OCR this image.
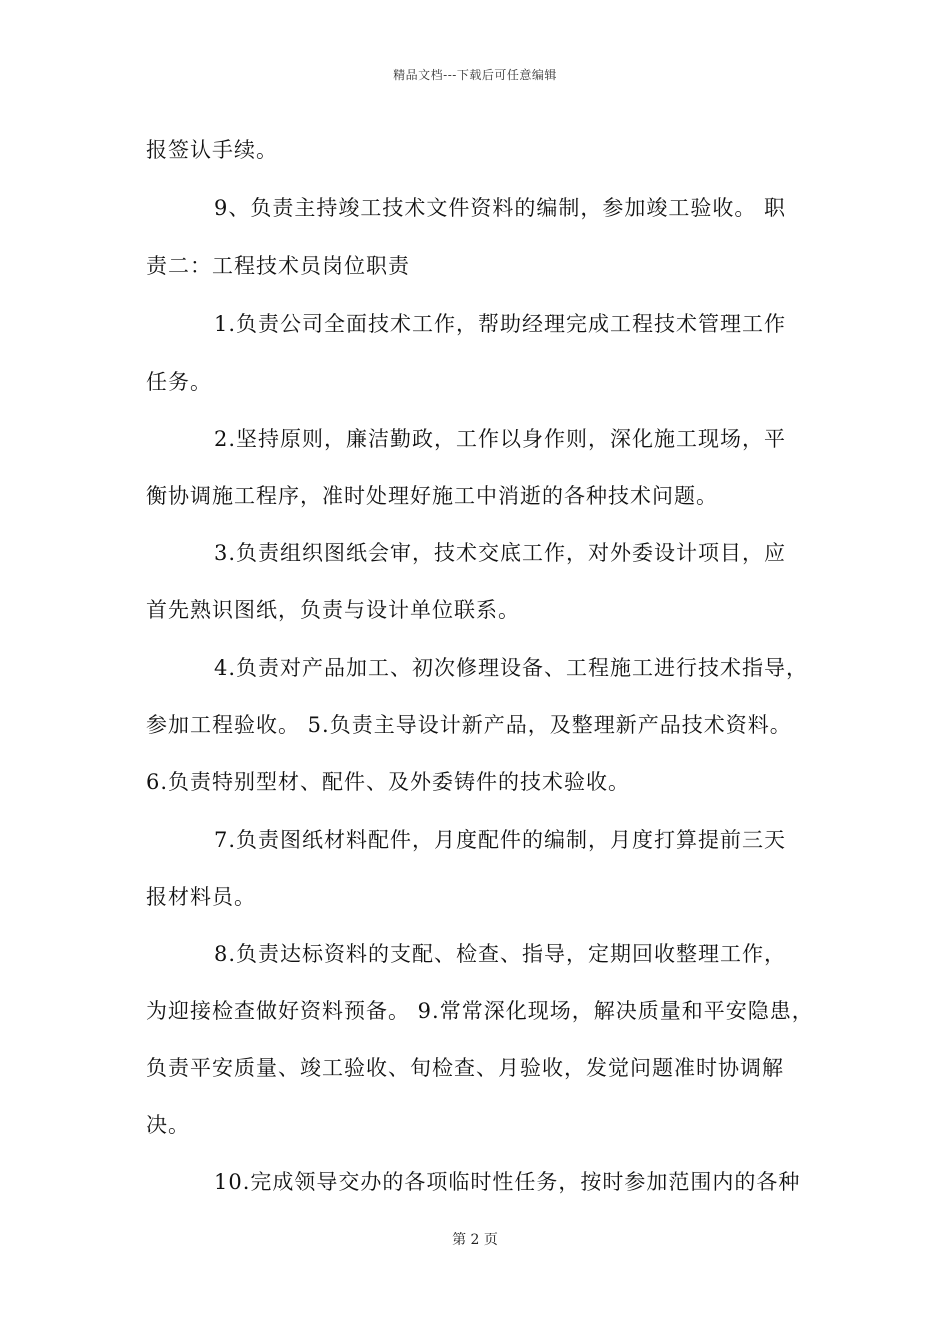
精品文档---下载后可任意编辑
报签认手续。
9、负责主持竣工技术文件资料的编制，参加竣工验收。 职
责二：工程技术员岗位职责
1.负责公司全面技术工作，帮助经理完成工程技术管理工作
任务。
2.坚持原则，廉洁勤政，工作以身作则，深化施工现场，平
衡协调施工程序，准时处理好施工中消逝的各种技术问题。
3.负责组织图纸会审，技术交底工作，对外委设计项目，应
首先熟识图纸，负责与设计单位联系。
4.负责对产品加工、初次修理设备、工程施工进行技术指导，
参加工程验收。 5.负责主导设计新产品，及整理新产品技术资料。
6.负责特别型材、配件、及外委铸件的技术验收。
7.负责图纸材料配件，月度配件的编制，月度打算提前三天
报材料员。
8.负责达标资料的支配、检查、指导，定期回收整理工作，
为迎接检查做好资料预备。 9.常常深化现场，解决质量和平安隐患，
负责平安质量、竣工验收、旬检查、月验收，发觉问题准时协调解
决。
10.完成领导交办的各项临时性任务，按时参加范围内的各种
第 2 页
